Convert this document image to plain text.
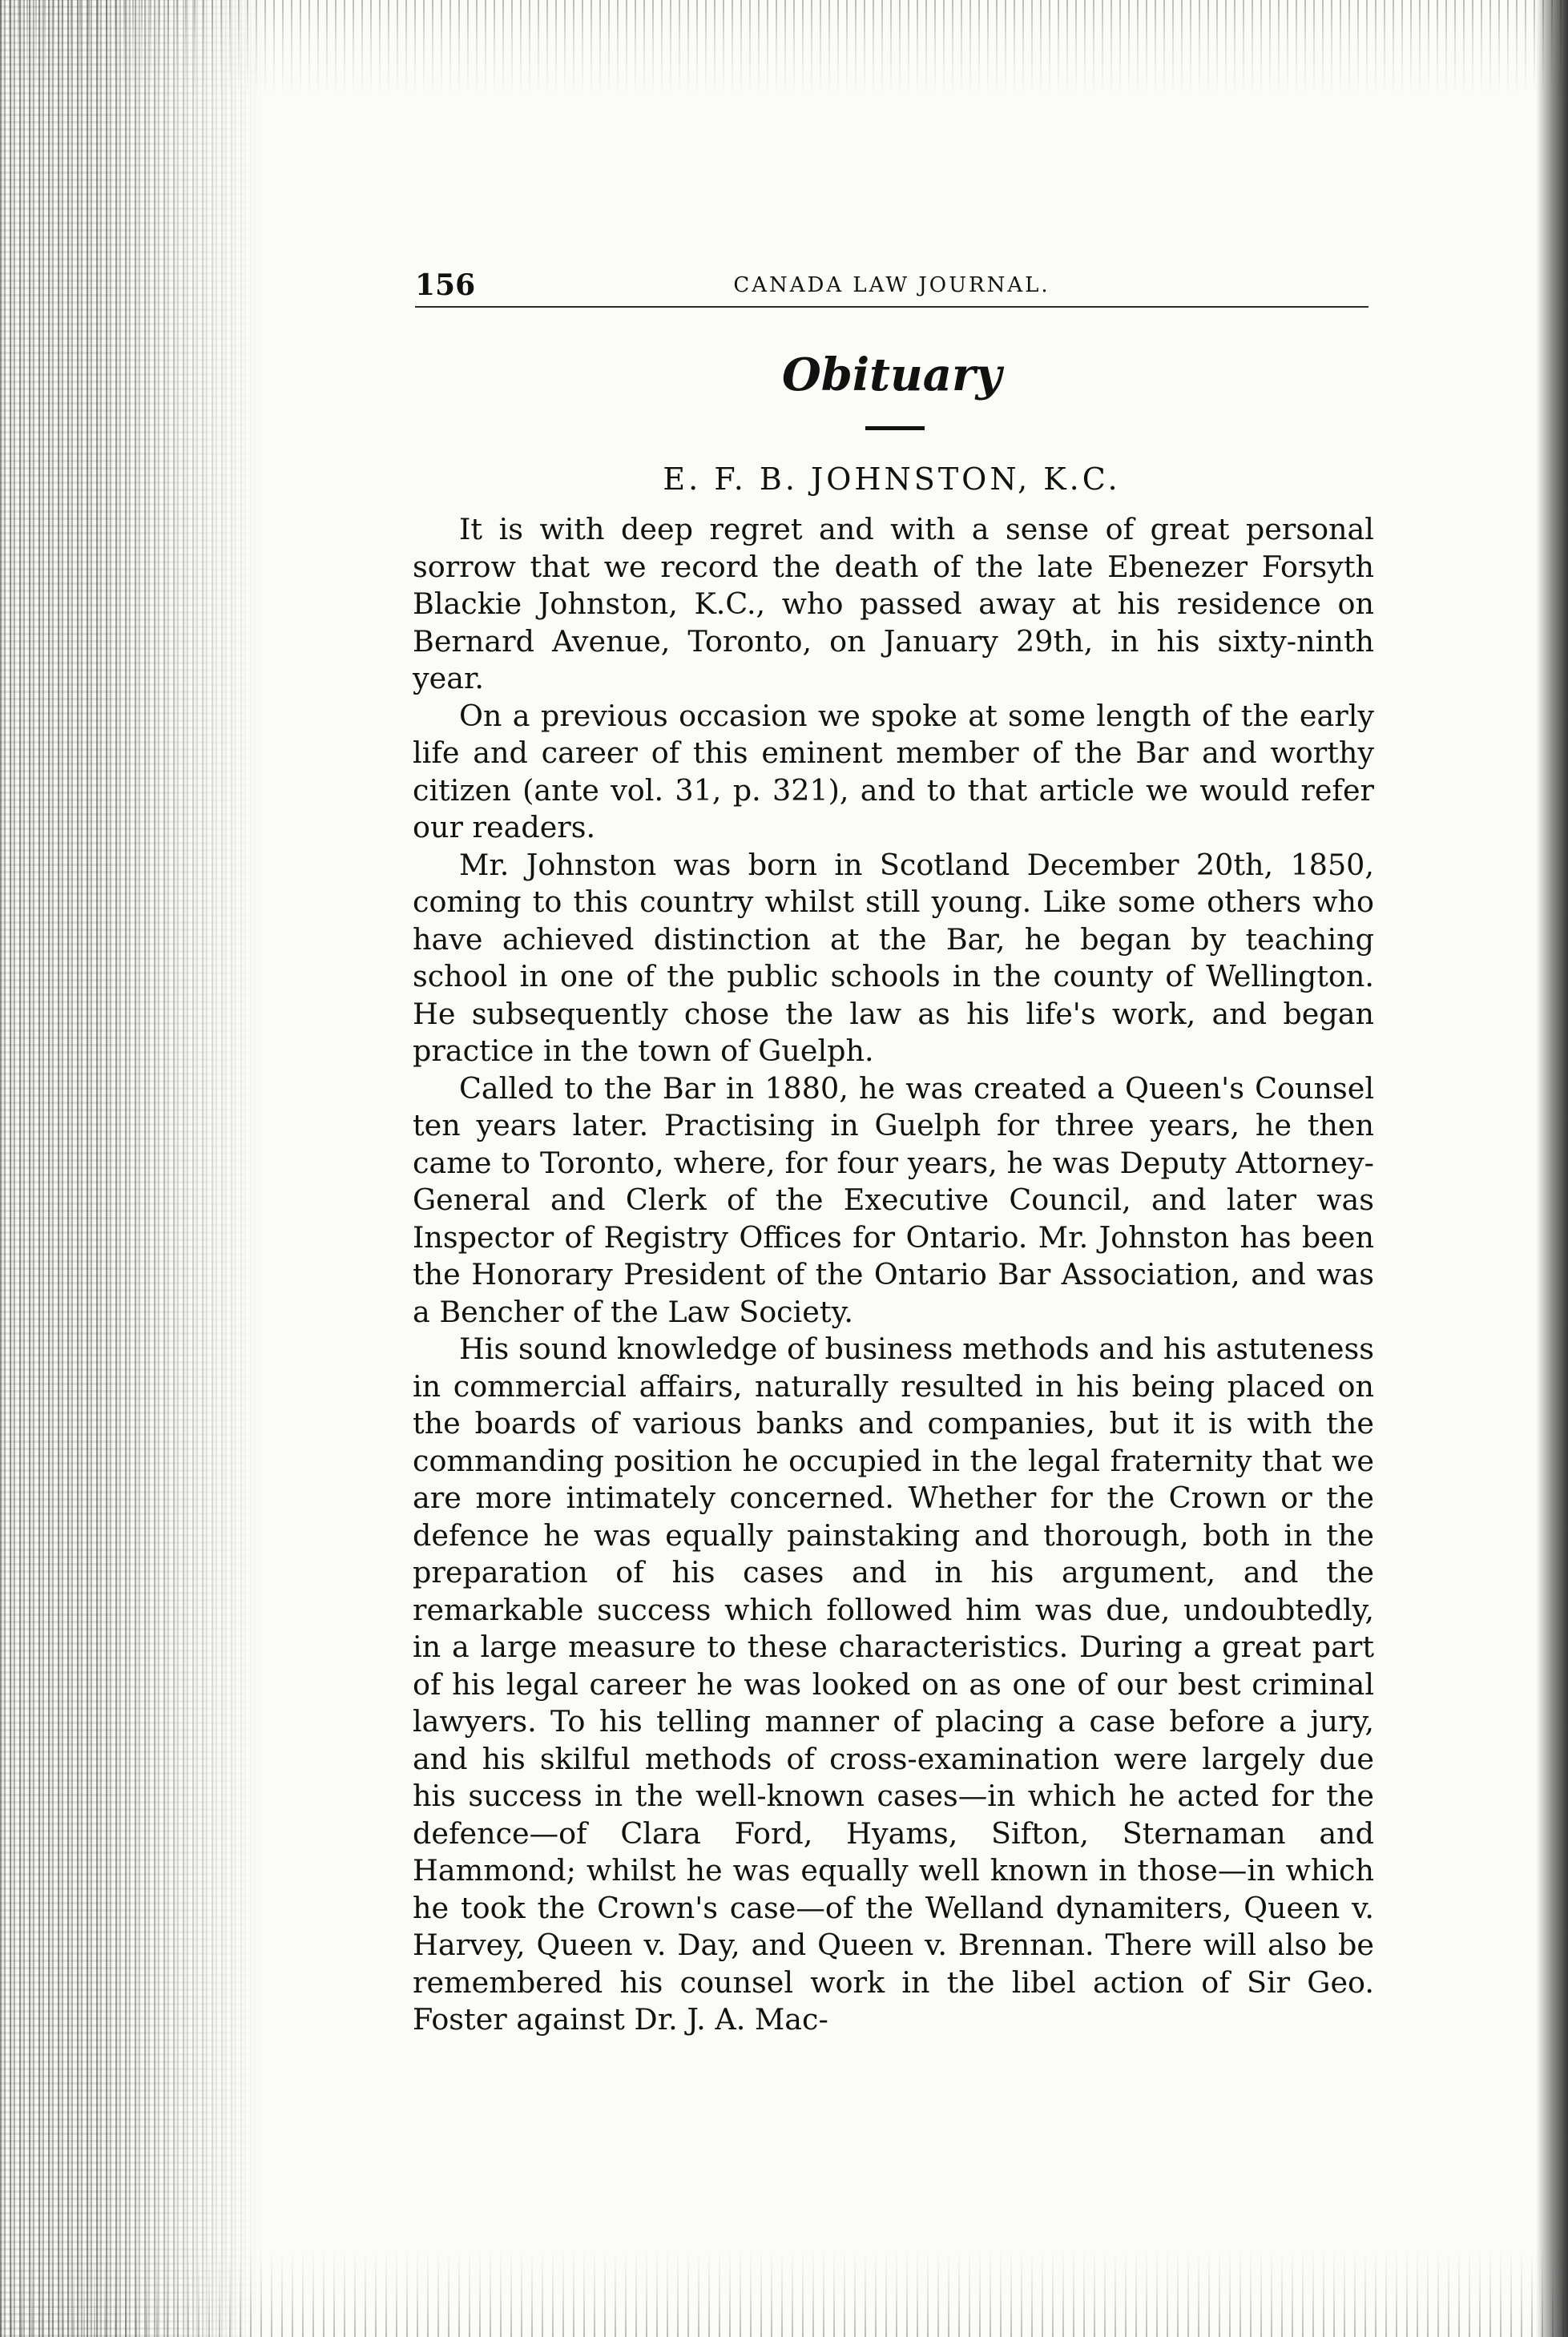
156	CANADA LAW JOURNAL.
Obituary
E. F. B. JOHNSTON, K.C.

It is with deep regret and with a sense of great personal sorrow that we record the death of the late Ebenezer Forsyth Blackie Johnston, K.C., who passed away at his residence on Bernard Avenue, Toronto, on January 29th, in his sixty-ninth year.

On a previous occasion we spoke at some length of the early life and career of this eminent member of the Bar and worthy citizen (ante vol. 31, p. 321), and to that article we would refer our readers.

Mr. Johnston was born in Scotland December 20th, 1850, coming to this country whilst still young. Like some others who have achieved distinction at the Bar, he began by teaching school in one of the public schools in the county of Wellington. He subsequently chose the law as his life's work, and began practice in the town of Guelph.

Called to the Bar in 1880, he was created a Queen's Counsel ten years later. Practising in Guelph for three years, he then came to Toronto, where, for four years, he was Deputy Attorney-General and Clerk of the Executive Council, and later was Inspector of Registry Offices for Ontario. Mr. Johnston has been the Honorary President of the Ontario Bar Association, and was a Bencher of the Law Society.

His sound knowledge of business methods and his astuteness in commercial affairs, naturally resulted in his being placed on the boards of various banks and companies, but it is with the commanding position he occupied in the legal fraternity that we are more intimately concerned. Whether for the Crown or the defence he was equally painstaking and thorough, both in the preparation of his cases and in his argument, and the remarkable success which followed him was due, undoubtedly, in a large measure to these characteristics. During a great part of his legal career he was looked on as one of our best criminal lawyers. To his telling manner of placing a case before a jury, and his skilful methods of cross-examination were largely due his success in the well-known cases—in which he acted for the defence—of Clara Ford, Hyams, Sifton, Sternaman and Hammond; whilst he was equally well known in those—in which he took the Crown's case—of the Welland dynamiters, Queen v. Harvey, Queen v. Day, and Queen v. Brennan. There will also be remembered his counsel work in the libel action of Sir Geo. Foster against Dr. J. A. Mac-
